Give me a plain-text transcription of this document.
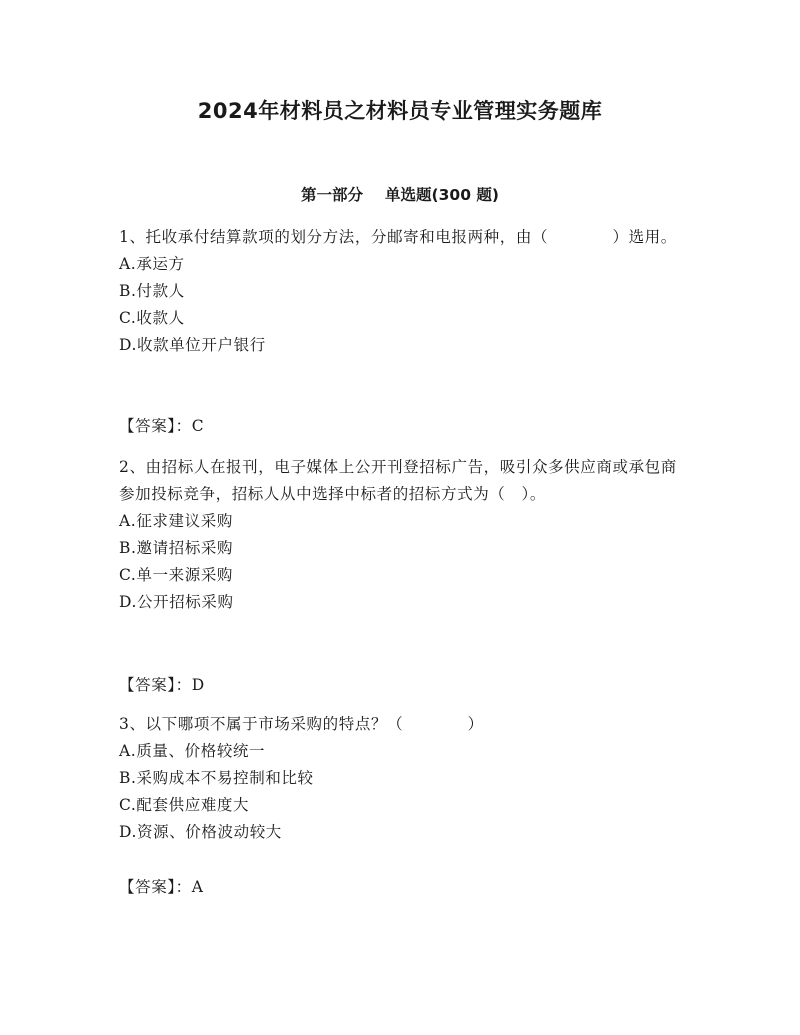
2024年材料员之材料员专业管理实务题库
第一部分 单选题(300 题)

1、托收承付结算款项的划分方法，分邮寄和电报两种，由（　　　　）选用。

A.承运方

B.付款人

C.收款人

D.收款单位开户银行

【答案】：C

2、由招标人在报刊，电子媒体上公开刊登招标广告，吸引众多供应商或承包商参加投标竞争，招标人从中选择中标者的招标方式为（　）。

A.征求建议采购

B.邀请招标采购

C.单一来源采购

D.公开招标采购

【答案】：D

3、以下哪项不属于市场采购的特点？（　　　　）

A.质量、价格较统一

B.采购成本不易控制和比较

C.配套供应难度大

D.资源、价格波动较大

【答案】：A
